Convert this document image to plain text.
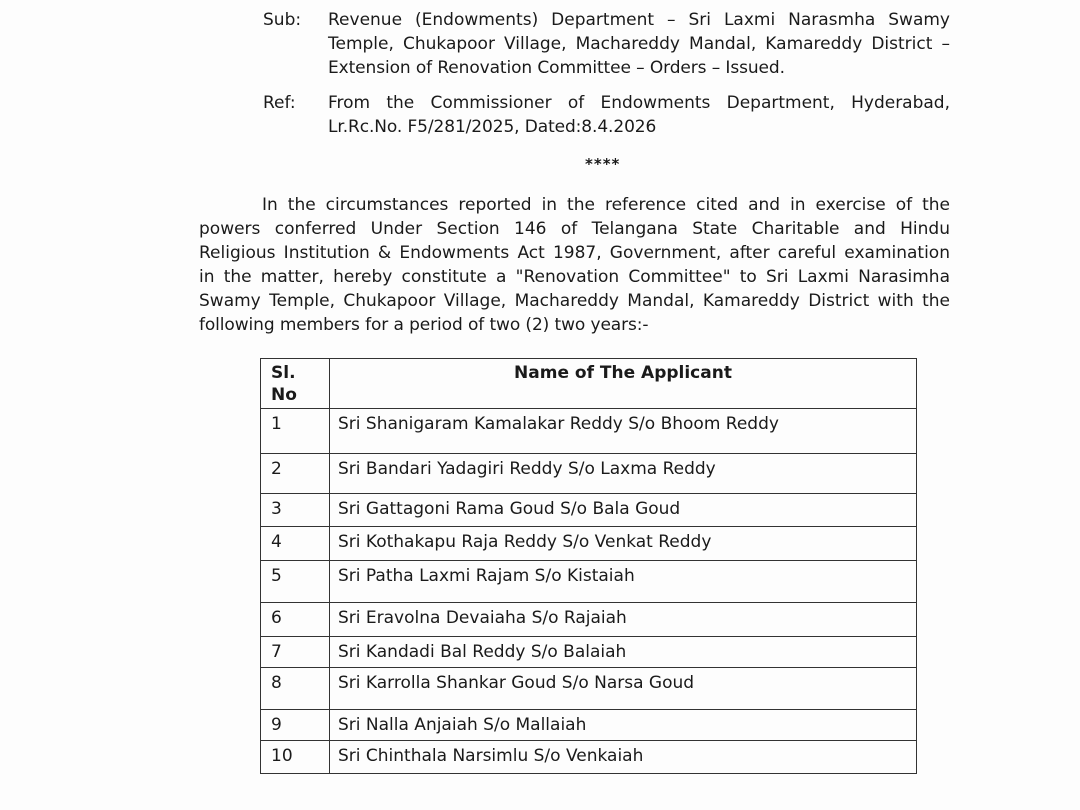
Sub: Revenue (Endowments) Department – Sri Laxmi Narasmha Swamy
Temple, Chukapoor Village, Machareddy Mandal, Kamareddy District –
Extension of Renovation Committee – Orders – Issued.
Ref: From the Commissioner of Endowments Department, Hyderabad,
Lr.Rc.No. F5/281/2025, Dated:8.4.2026
****
In the circumstances reported in the reference cited and in exercise of the
powers conferred Under Section 146 of Telangana State Charitable and Hindu
Religious Institution & Endowments Act 1987, Government, after careful examination
in the matter, hereby constitute a "Renovation Committee" to Sri Laxmi Narasimha
Swamy Temple, Chukapoor Village, Machareddy Mandal, Kamareddy District with the
following members for a period of two (2) two years:-
Sl.
No	Name of The Applicant
1	Sri Shanigaram Kamalakar Reddy S/o Bhoom Reddy
2	Sri Bandari Yadagiri Reddy S/o Laxma Reddy
3	Sri Gattagoni Rama Goud S/o Bala Goud
4	Sri Kothakapu Raja Reddy S/o Venkat Reddy
5	Sri Patha Laxmi Rajam S/o Kistaiah
6	Sri Eravolna Devaiaha S/o Rajaiah
7	Sri Kandadi Bal Reddy S/o Balaiah
8	Sri Karrolla Shankar Goud S/o Narsa Goud
9	Sri Nalla Anjaiah S/o Mallaiah
10	Sri Chinthala Narsimlu S/o Venkaiah
